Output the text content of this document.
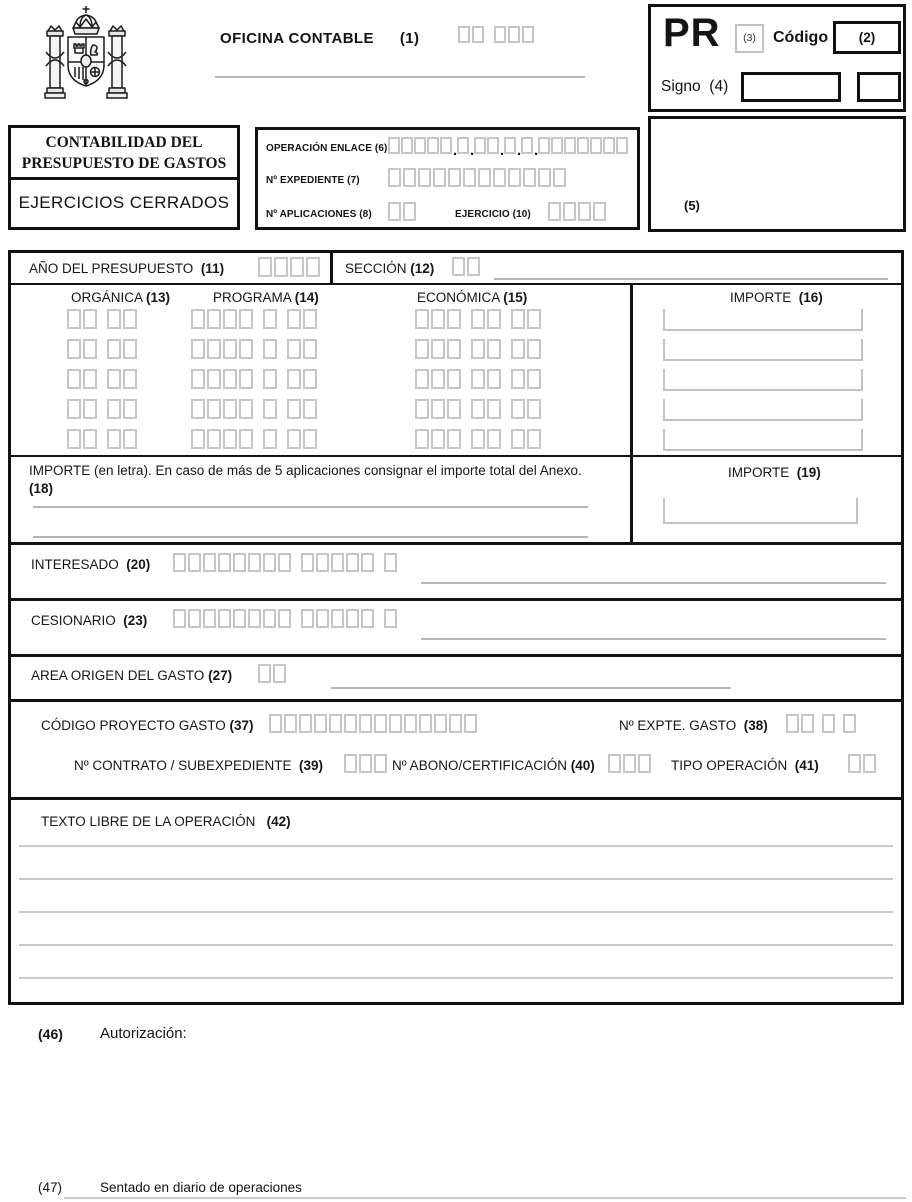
OFICINA CONTABLE (1)	PR	(3)	Código	(2)
Signo (4)
(5)
CONTABILIDAD DEL
PRESUPUESTO DE GASTOS
EJERCICIOS CERRADOS
OPERACIÓN ENLACE (6)	. . . . .
Nº EXPEDIENTE (7)
Nº APLICACIONES (8)	EJERCICIO (10)
AÑO DEL PRESUPUESTO (11)	SECCIÓN (12)
ORGÁNICA (13)	PROGRAMA (14)	ECONÓMICA (15)	IMPORTE (16)
IMPORTE (en letra). En caso de más de 5 aplicaciones consignar el importe total del Anexo.
(18)
IMPORTE (19)
INTERESADO (20)
CESIONARIO (23)
AREA ORIGEN DEL GASTO (27)
CÓDIGO PROYECTO GASTO (37)	Nº EXPTE. GASTO (38)
Nº CONTRATO / SUBEXPEDIENTE (39)	Nº ABONO/CERTIFICACIÓN (40)	TIPO OPERACIÓN (41)
TEXTO LIBRE DE LA OPERACIÓN (42)
(46) Autorización:
(47)	Sentado en diario de operaciones
